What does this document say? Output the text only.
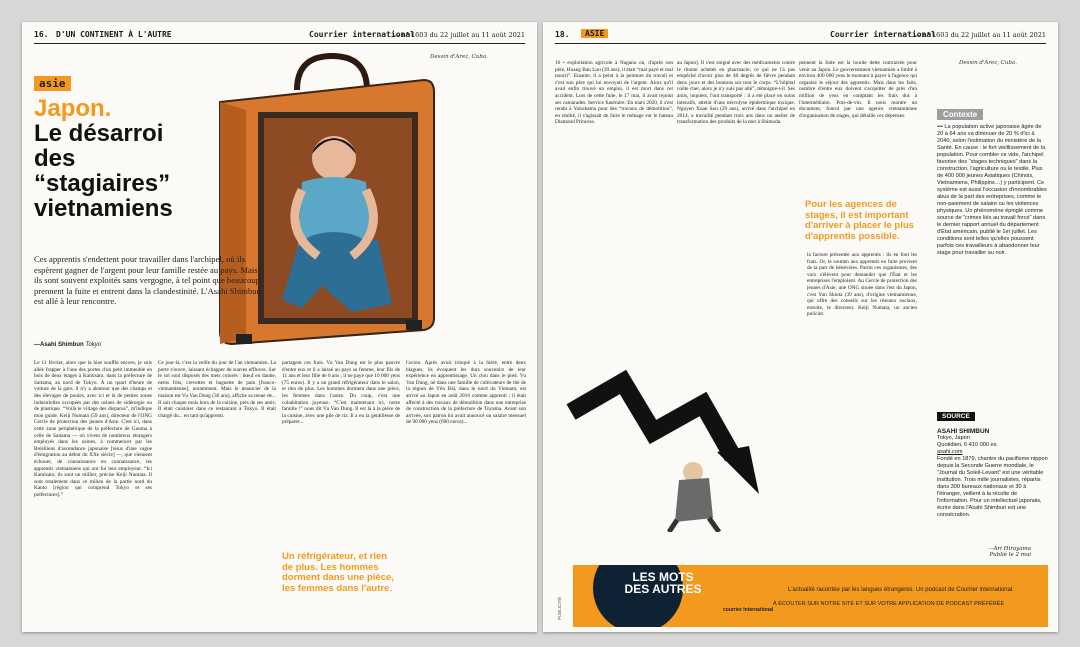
16. D'UN CONTINENT À L'AUTRE	Courrier international
— n° 1603 du 22 juillet au 11 août 2021
Dessin d'Arez, Cuba.
asie
Japon.
Le désarroi des “stagiaires” vietnamiens

Ces apprentis s'endettent pour travailler dans l'archipel, où ils espèrent gagner de l'argent pour leur famille restée au pays. Mais ils sont souvent exploités sans vergogne, à tel point que beaucoup prennent la fuite et entrent dans la clandestinité. L'Asahi Shimbun est allé à leur rencontre.

—Asahi Shimbun Tokyo

Le 11 février, alors que la bise souffle encore, je suis allée frapper à l'une des portes d'un petit immeuble en bois de deux étages à Kamisato, dans la préfecture de Saitama, au nord de Tokyo. À un quart d'heure de voiture de la gare, il n'y a alentour que des champs et des élevages de poules, avec ici et là de petites zones industrielles occupées par des usines de sidérurgie ou de plastique. “Voilà le village des disparus”, m'indique mon guide, Keiji Numata (59 ans), directeur de l'ONG Cercle de protection des jeunes d'Asie. C'est ici, dans cette zone périphérique de la préfecture de Gunma à celle de Saitama — où vivent de nombreux étrangers employés dans les usines, à commencer par les Brésiliens d'ascendance japonaise [issus d'une vague d'émigration au début du XXe siècle] —, que viennent échouer, de connaissance en connaissance, les apprentis vietnamiens qui ont fui leur employeur. “Ici Kamisato, ils sont un millier, précise Keiji Numata. Il sont totalement dans ce milieu de la partie nord du Kanto [région qui comprend Tokyo et ses préfectures].”

Ce jour-là, c'est la veille du jour de l'an vietnamien. La porte s'ouvre, laissant échapper de suaves effluves. Sur le sol sont disposés des mets colorés : bœuf en daube, nems frits, crevettes et baguette de pain [franco-vietnamienne], notamment. Mais le tenancier de la maison est Vu Van Dung (36 ans), affiche sa tenue de... Il sait chaque mois hors de la cuisine, près de ses amis. Il était cuisinier dans ce restaurant à Tokyo. Il était chargé du... en tant qu'apprenti.

partagent ces frais. Vu Van Dung est le plus pauvre d'entre eux et il a laissé au pays sa femme, leur fils de 11 ans et leur fille de 6 ans ; il ne paye que 10 000 yens (75 euros). Il y a un grand réfrigérateur dans le salon, et rien de plus. Les hommes dorment dans une pièce, les femmes dans l'autre. Du coup, c'est une cohabitation joyeuse. “C'est maintenant ici, notre famille !” nous dit Vu Van Dung. Il est là à la pièce de la cuisine, avec une pile de riz. Il a eu la gentillesse de préparer...

Un réfrigérateur, et rien de plus. Les hommes dorment dans une pièce, les femmes dans l'autre.

l'avion. Après avoir trinqué à la bière, entre deux blagues, ils évoquent les durs souvenirs de leur expérience en apprentissage. Un clou dans le pied. Vu Van Dung, né dans une famille de cultivateurs de thé de la région de Yên Bái, dans le nord du Vietnam, est arrivé au Japon en août 2016 comme apprenti ; il était affecté à des travaux de démolition dans une entreprise de construction de la préfecture de Toyama. Avant son arrivée, son patron lui avait annoncé un salaire mensuel de 90 000 yens (690 euros)...

18.	ASIE	Courrier international
— n° 1603 du 22 juillet au 11 août 2021
Dessin d'Arez, Cuba.

16 • exploitation agricole à Nagano où, d'après son père, Hoang Ban Luu (39 ans), il était “mal payé et mal nourri”. Ensuite, il a peint à la peinture du travail et c'est son père qui lui envoyait de l'argent. Alors qu'il avait enfin trouvé un emploi, il est mort dans cet accident. Lors de cette fuite, le 17 mai, il avait rejoint ses camarades. Service funéraire. En mars 2020, il s'est rendu à Yokohama pour des “travaux de démolition”, en réalité, il s'agissait de faire le ménage sur le bateau Diamond Princess.

au Japon]. Il s'est soigné avec des médicaments contre le rhume achetés en pharmacie, ce qui ne l'a pas empêché d'avoir plus de 40 degrés de fièvre pendant deux jours et des boutons sur tout le corps. “L'hôpital coûte cher, alors je n'y suis pas allé”, témoigne-t-il. Ses amis, inquiets, l'ont transporté : il a été placé en soins intensifs, atteint d'une nécrolyse épidermique toxique. Nguyen Xuan Son (29 ans), arrivé dans l'archipel en 2014, a travaillé pendant trois ans dans un atelier de transformation des produits de la mer à Shimoda.

pennent la fuite est la lourde dette contractée pour venir au Japon. Le gouvernement vietnamien a limité à environ 400 000 yens le montant à payer à l'agence qui organise le séjour des apprentis. Mais dans les faits, nombre d'entre eux doivent s'acquitter de près d'un million de yens en comptant les frais dus à l'intermédiaire. Pots-de-vin. Il nous montre un document, fourni par une agence vietnamienne d'organisation de stages, qui détaille ces dépenses.

Pour les agences de stages, il est important d'arriver à placer le plus d'apprentis possible.

la facture présentée aux apprentis : ils en font les frais. Or, le soutien aux apprentis en fuite provient de la part de bénévoles. Parmi ces organismes, des voix s'élèvent pour demander que l'État et les entreprises l'emploient. Au Cercle de protection des jeunes d'Asie, une ONG située dans l'est du Japon, c'est Yun Shiota (39 ans), d'origine vietnamienne, qui offre des conseils sur les réseaux sociaux, ensuite, le directeur, Keiji Numata, un ancien policier.

Contexte
••• La population active japonaise âgée de 20 à 64 ans va diminuer de 20 % d'ici à 2040, selon l'estimation du ministère de la Santé. En cause : le fort vieillissement de la population. Pour combler ce vide, l'archipel favorise des “stages techniques” dans la construction, l'agriculture ou le textile. Plus de 400 000 jeunes Asiatiques (Chinois, Vietnamiens, Philippins…) y participent. Ce système est aussi l'occasion d'innombrables abus de la part des entreprises, comme le non-paiement de salaire ou les violences physiques. Un phénomène épinglé comme source de “crimes liés au travail forcé” dans le dernier rapport annuel du département d'État américain, publié le 1er juillet. Les conditions sont telles qu'elles poussent parfois ces travailleurs à abandonner leur stage pour travailler au noir.
SOURCE
ASAHI SHIMBUN
Tokyo, Japon
Quotidien, 6 410 000 ex.
asahi.com
Fondé en 1879, chantre du pacifisme nippon depuis la Seconde Guerre mondiale, le “Journal du Soleil-Levant” est une véritable institution. Trois mille journalistes, répartis dans 300 bureaux nationaux et 30 à l'étranger, veillent à la récolte de l'information. Pour un intellectuel japonais, écrire dans l'Asahi Shimbun est une consécration.
—Ari Hirayama
Publié le 2 mai
PUBLICITÉ
LES MOTS DES AUTRES
courrier international
L'actualité racontée par les langues étrangères. Un podcast de Courrier international.
À ÉCOUTER SUR NOTRE SITE ET SUR VOTRE APPLICATION DE PODCAST PRÉFÉRÉE
